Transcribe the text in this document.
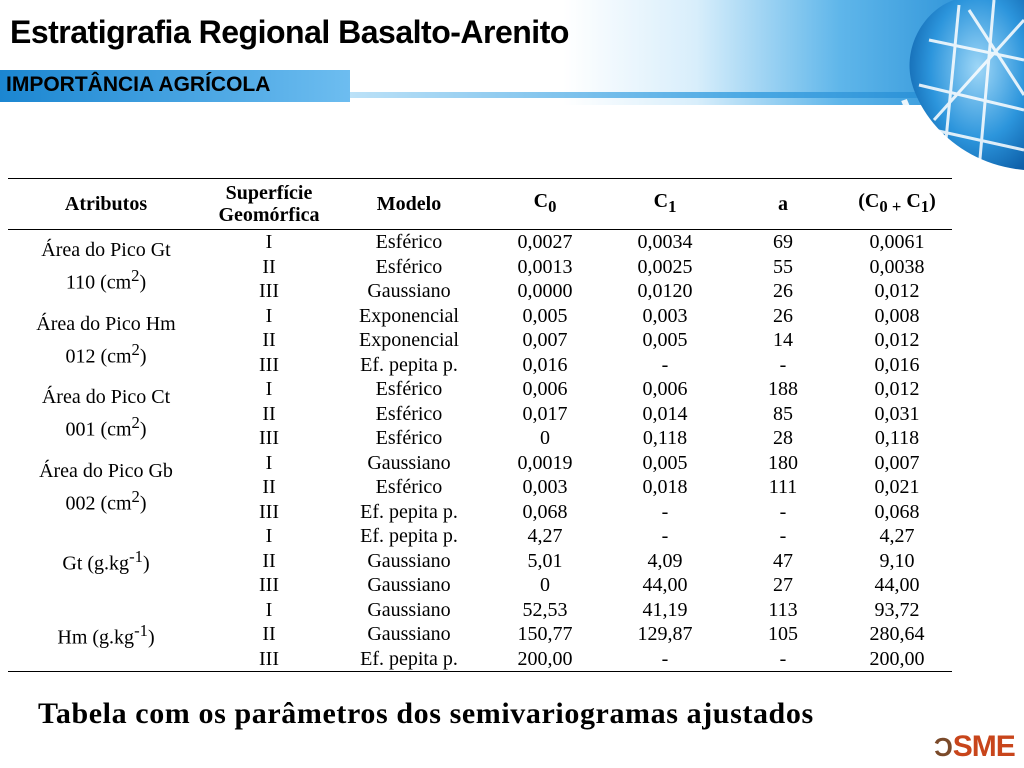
Estratigrafia Regional Basalto-Arenito
IMPORTÂNCIA AGRÍCOLA
Atributos	Superfície
Geomórfica	Modelo	$C_0$	$C_1$	a	($C_{0 +}$ $C_1$)
Área do Pico Gt
110 $(cm^2)$	I	Esférico	0,0027	0,0034	69	0,0061
	II	Esférico	0,0013	0,0025	55	0,0038
	III	Gaussiano	0,0000	0,0120	26	0,012
Área do Pico Hm
012 $(cm^2)$	I	Exponencial	0,005	0,003	26	0,008
	II	Exponencial	0,007	0,005	14	0,012
	III	Ef. pepita p.	0,016	-	-	0,016
Área do Pico Ct
001 $(cm^2)$	I	Esférico	0,006	0,006	188	0,012
	II	Esférico	0,017	0,014	85	0,031
	III	Esférico	0	0,118	28	0,118
Área do Pico Gb
002 $(cm^2)$	I	Gaussiano	0,0019	0,005	180	0,007
	II	Esférico	0,003	0,018	111	0,021
	III	Ef. pepita p.	0,068	-	-	0,068
Gt $(g.kg^{-1})$	I	Ef. pepita p.	4,27	-	-	4,27
	II	Gaussiano	5,01	4,09	47	9,10
	III	Gaussiano	0	44,00	27	44,00
Hm $(g.kg^{-1})$	I	Gaussiano	52,53	41,19	113	93,72
	II	Gaussiano	150,77	129,87	105	280,64
	III	Ef. pepita p.	200,00	-	-	200,00
Tabela com os parâmetros dos semivariogramas ajustados
ƆSME
